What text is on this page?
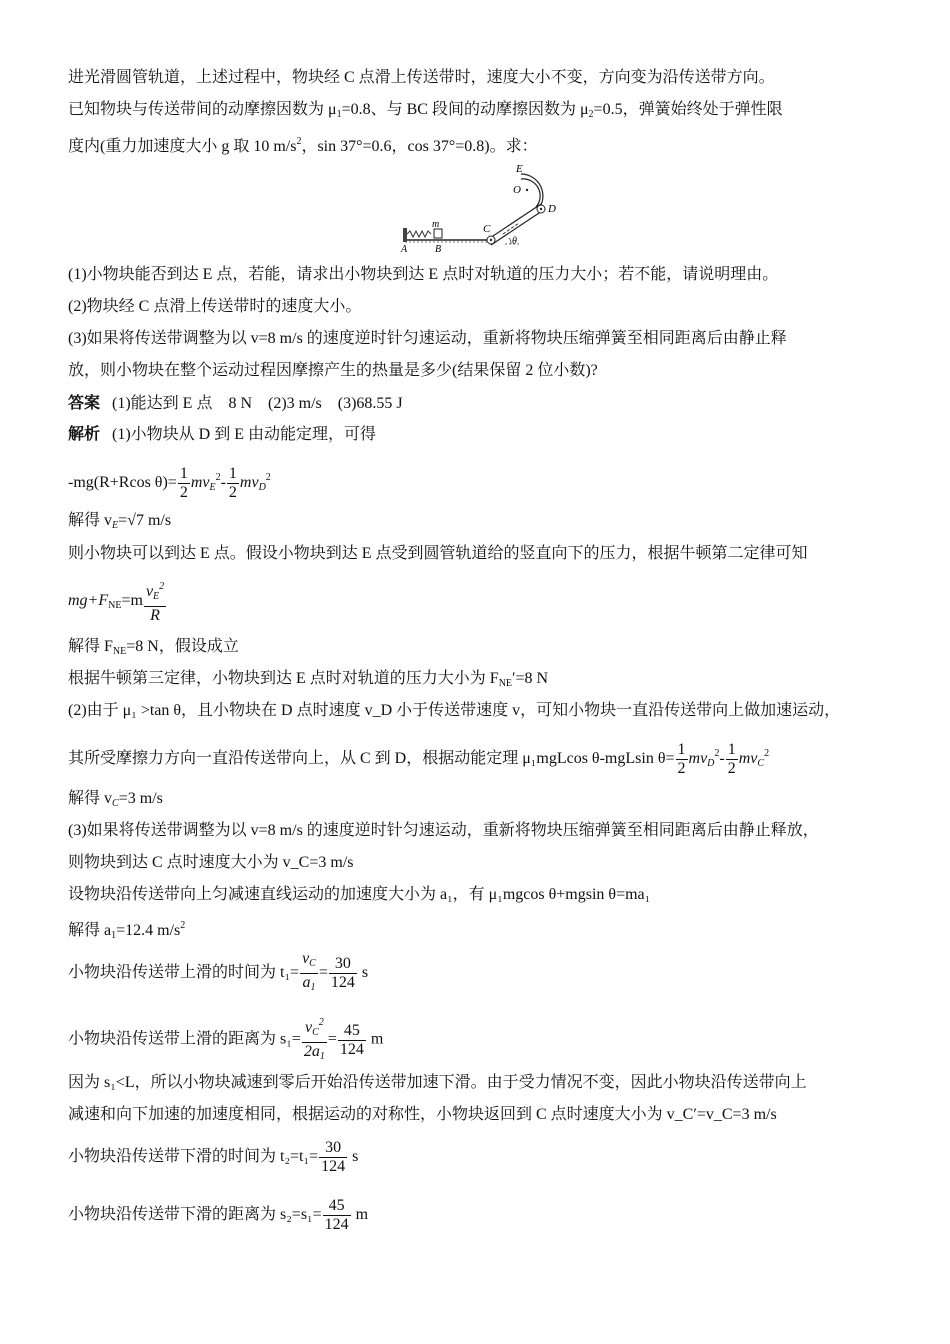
进光滑圆管轨道，上述过程中，物块经 C 点滑上传送带时，速度大小不变，方向变为沿传送带方向。
已知物块与传送带间的动摩擦因数为 $\mu_1=0.8$、与 BC 段间的动摩擦因数为 $\mu_2=0.5$，弹簧始终处于弹性限
度内(重力加速度大小 g 取 10 $m/s^2$，sin 37°=0.6，cos 37°=0.8)。求：
E
O
D
m
A	B
C
θ
(1)小物块能否到达 E 点，若能，请求出小物块到达 E 点时对轨道的压力大小；若不能，请说明理由。
(2)物块经 C 点滑上传送带时的速度大小。
(3)如果将传送带调整为以 v=8 m/s 的速度逆时针匀速运动，重新将物块压缩弹簧至相同距离后由静止释
放，则小物块在整个运动过程因摩擦产生的热量是多少(结果保留 2 位小数)?
答案 (1)能达到 E 点　8 N　(2)3 m/s　(3)68.55 J
解析 (1)小物块从 D 到 E 由动能定理，可得
-mg(R+Rcos $\theta)= \frac{1}{2} mv_E^2- \frac{1}{2} mv_D^2$
解得 $v_E=√7$ m/s
则小物块可以到达 E 点。假设小物块到达 E 点受到圆管轨道给的竖直向下的压力，根据牛顿第二定律可知
$mg+F_{NE}=m \frac{v_E^2}{R}$
解得 $F_{NE}=8$ N，假设成立
根据牛顿第三定律，小物块到达 E 点时对轨道的压力大小为 $F_{NE}'=8$ N
(2)由于 μ₁ >tan θ，且小物块在 D 点时速度 v_D 小于传送带速度 v，可知小物块一直沿传送带向上做加速运动，
其所受摩擦力方向一直沿传送带向上，从 C 到 D，根据动能定理 μ₁mgLcos θ-mgLsin $\theta= \frac{1}{2} mv_D^2- \frac{1}{2} mv_C^2$
解得 $v_C=3$ m/s
(3)如果将传送带调整为以 v=8 m/s 的速度逆时针匀速运动，重新将物块压缩弹簧至相同距离后由静止释放，
则物块到达 C 点时速度大小为 v_C=3 m/s
设物块沿传送带向上匀减速直线运动的加速度大小为 a₁，有 μ₁mgcos θ+mgsin θ=ma₁
解得 $a_1=12.4$ $m/s^2$
小物块沿传送带上滑的时间为 $t_1= \frac{v_C}{a_1} = \frac{30}{124}$ s
小物块沿传送带上滑的距离为 $s_1= \frac{v_C^2}{2a_1} = \frac{45}{124}$ m
因为 s₁<L，所以小物块减速到零后开始沿传送带加速下滑。由于受力情况不变，因此小物块沿传送带向上
减速和向下加速的加速度相同，根据运动的对称性，小物块返回到 C 点时速度大小为 v_C′=v_C=3 m/s
小物块沿传送带下滑的时间为 $t_2=t_1= \frac{30}{124}$ s
小物块沿传送带下滑的距离为 $s_2=s_1= \frac{45}{124}$ m
